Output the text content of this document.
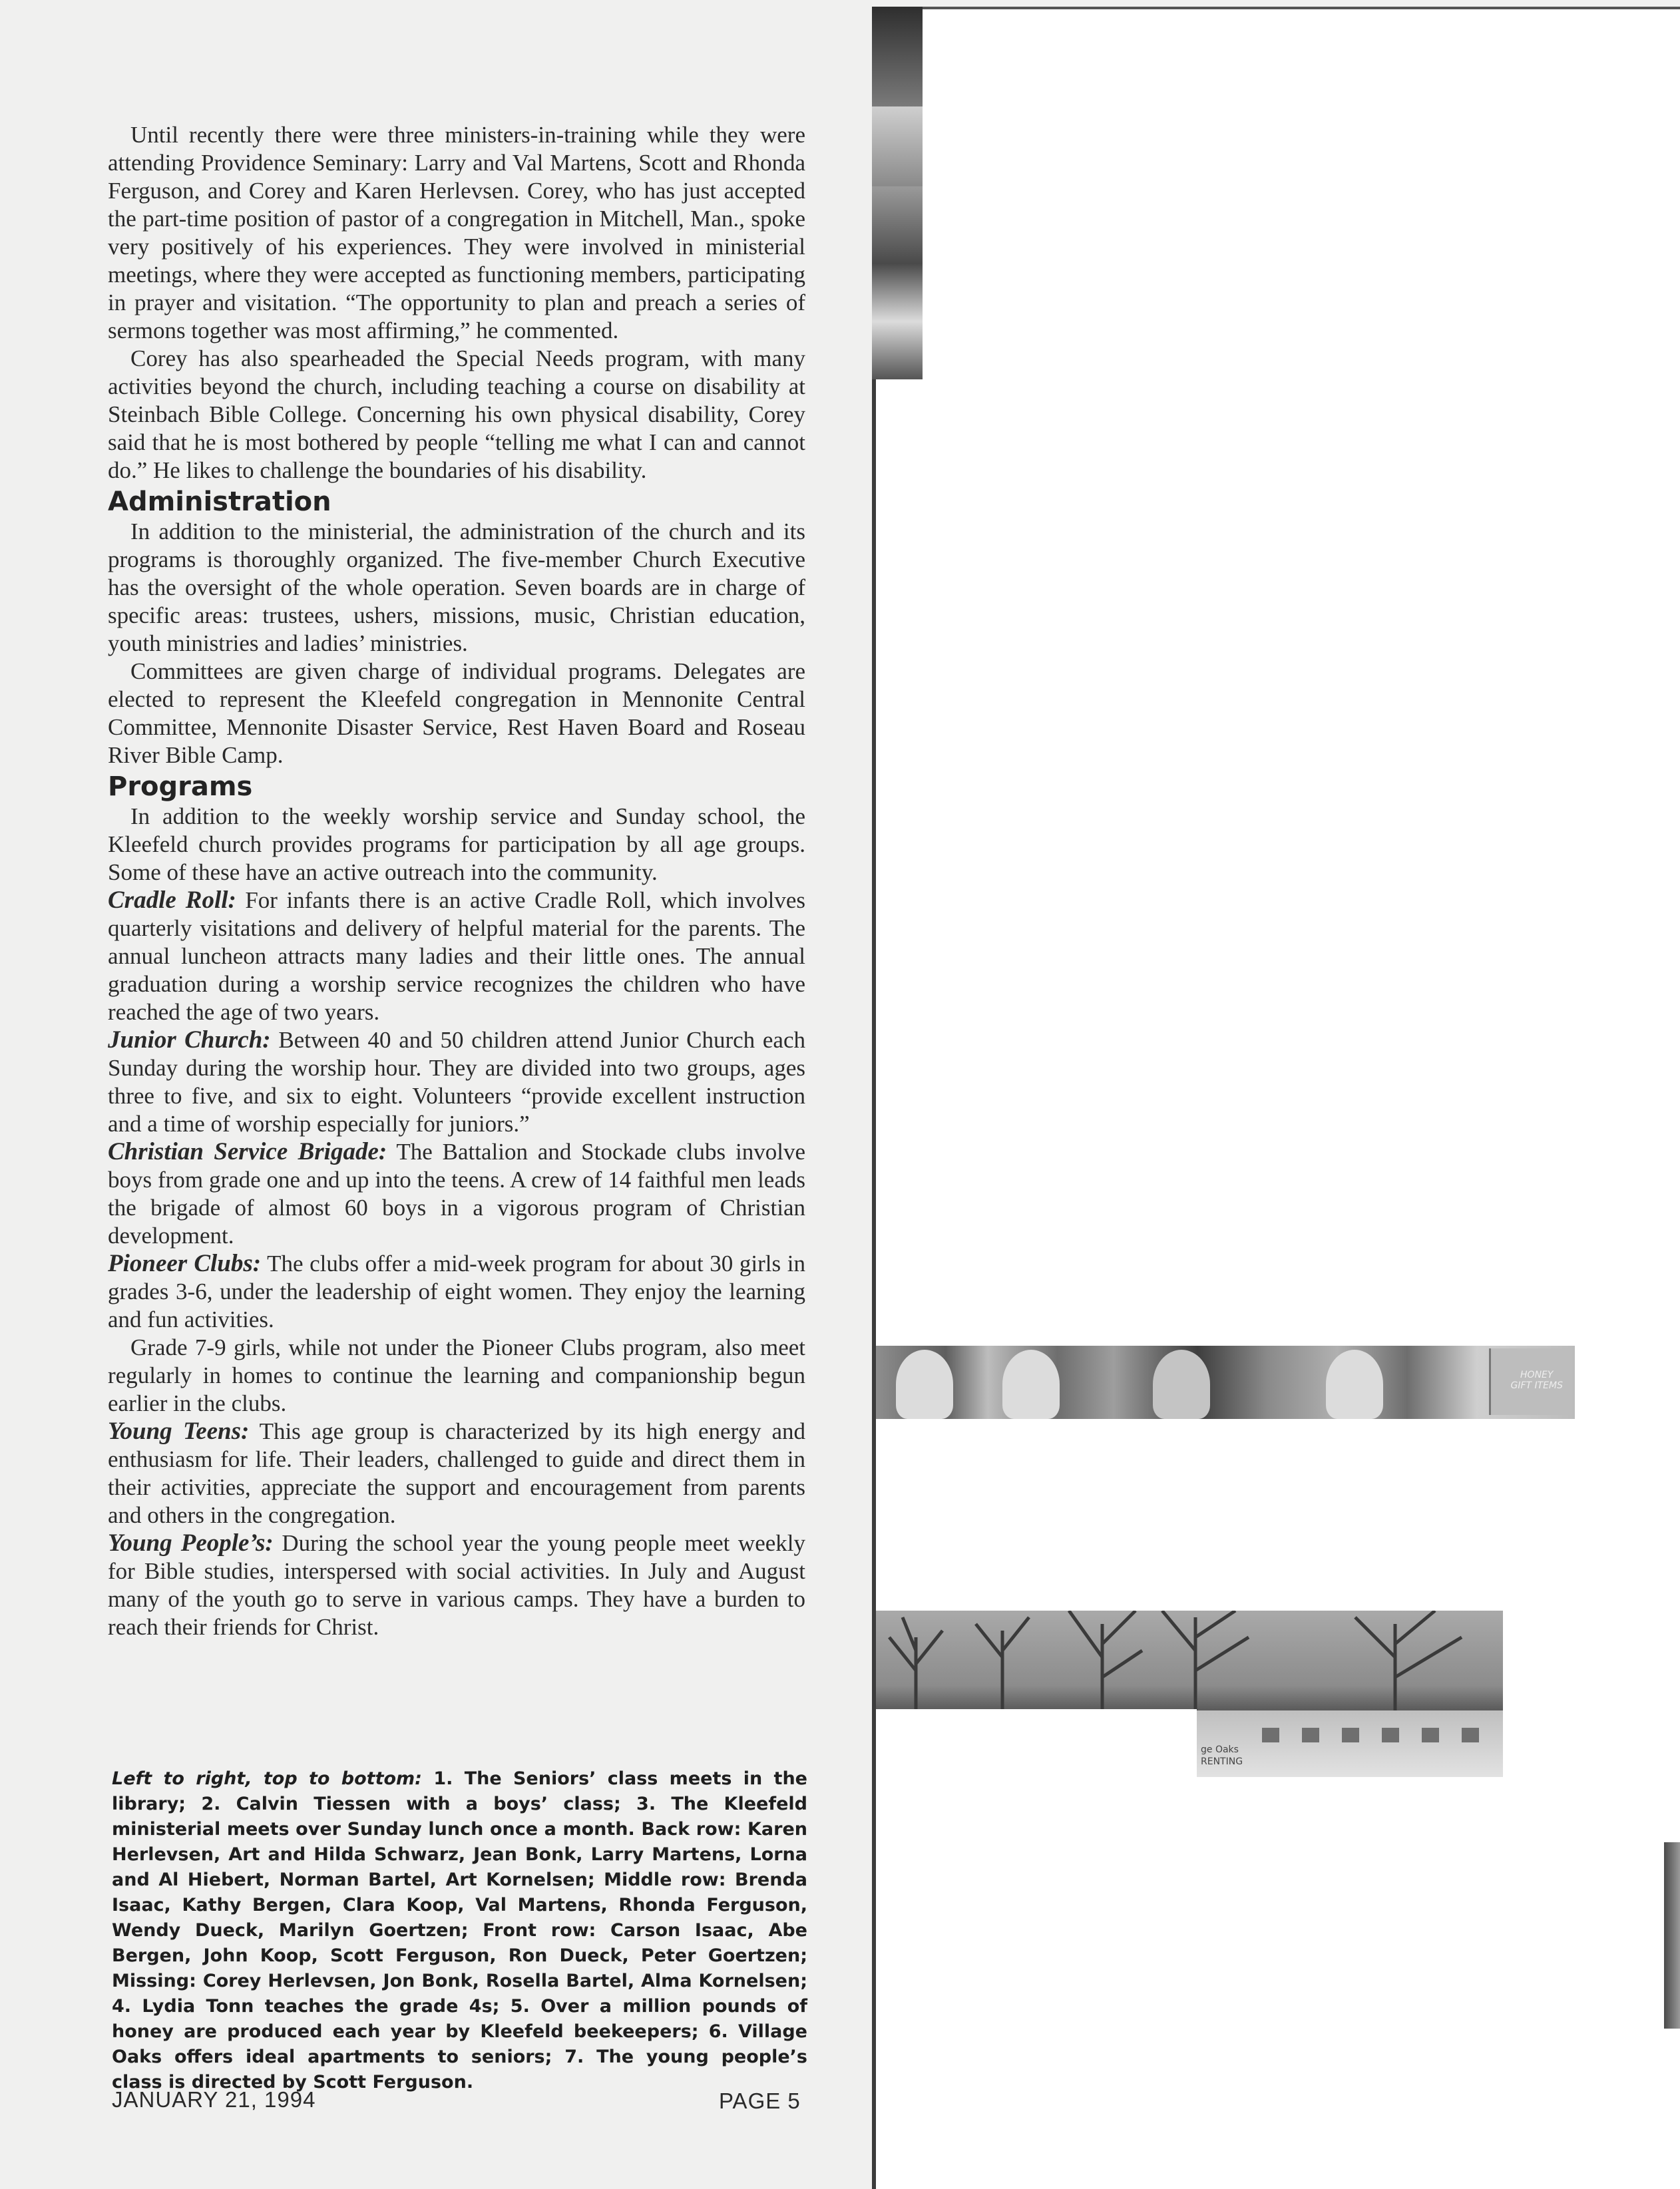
Until recently there were three ministers-in-training while they were attending Providence Seminary: Larry and Val Martens, Scott and Rhonda Ferguson, and Corey and Karen Herlevsen. Corey, who has just accepted the part-time position of pastor of a congregation in Mitchell, Man., spoke very positively of his experiences. They were involved in ministerial meetings, where they were accepted as functioning members, participating in prayer and visitation. “The opportunity to plan and preach a series of sermons together was most affirming,” he commented.

Corey has also spearheaded the Special Needs program, with many activities beyond the church, including teaching a course on disability at Steinbach Bible College. Concerning his own physical disability, Corey said that he is most bothered by people “telling me what I can and cannot do.” He likes to challenge the boundaries of his disability.

Administration

In addition to the ministerial, the administration of the church and its programs is thoroughly organized. The five-member Church Executive has the oversight of the whole operation. Seven boards are in charge of specific areas: trustees, ushers, missions, music, Christian education, youth ministries and ladies’ ministries.

Committees are given charge of individual programs. Delegates are elected to represent the Kleefeld congregation in Mennonite Central Committee, Mennonite Disaster Service, Rest Haven Board and Roseau River Bible Camp.

Programs

In addition to the weekly worship service and Sunday school, the Kleefeld church provides programs for participation by all age groups. Some of these have an active outreach into the community.

Cradle Roll: For infants there is an active Cradle Roll, which involves quarterly visitations and delivery of helpful material for the parents. The annual luncheon attracts many ladies and their little ones. The annual graduation during a worship service recognizes the children who have reached the age of two years.

Junior Church: Between 40 and 50 children attend Junior Church each Sunday during the worship hour. They are divided into two groups, ages three to five, and six to eight. Volunteers “provide excellent instruction and a time of worship especially for juniors.”

Christian Service Brigade: The Battalion and Stockade clubs involve boys from grade one and up into the teens. A crew of 14 faithful men leads the brigade of almost 60 boys in a vigorous program of Christian development.

Pioneer Clubs: The clubs offer a mid-week program for about 30 girls in grades 3-6, under the leadership of eight women. They enjoy the learning and fun activities.

Grade 7-9 girls, while not under the Pioneer Clubs program, also meet regularly in homes to continue the learning and companionship begun earlier in the clubs.

Young Teens: This age group is characterized by its high energy and enthusiasm for life. Their leaders, challenged to guide and direct them in their activities, appreciate the support and encouragement from parents and others in the congregation.

Young People’s: During the school year the young people meet weekly for Bible studies, interspersed with social activities. In July and August many of the youth go to serve in various camps. They have a burden to reach their friends for Christ.

Left to right, top to bottom: 1. The Seniors’ class meets in the library; 2. Calvin Tiessen with a boys’ class; 3. The Kleefeld ministerial meets over Sunday lunch once a month. Back row: Karen Herlevsen, Art and Hilda Schwarz, Jean Bonk, Larry Martens, Lorna and Al Hiebert, Norman Bartel, Art Kornelsen; Middle row: Brenda Isaac, Kathy Bergen, Clara Koop, Val Martens, Rhonda Ferguson, Wendy Dueck, Marilyn Goertzen; Front row: Carson Isaac, Abe Bergen, John Koop, Scott Ferguson, Ron Dueck, Peter Goertzen; Missing: Corey Herlevsen, Jon Bonk, Rosella Bartel, Alma Kornelsen; 4. Lydia Tonn teaches the grade 4s; 5. Over a million pounds of honey are produced each year by Kleefeld beekeepers; 6. Village Oaks offers ideal apartments to seniors; 7. The young people’s class is directed by Scott Ferguson.
JANUARY 21, 1994	PAGE 5
HONEY
GIFT ITEMS
ge Oaks
RENTING
